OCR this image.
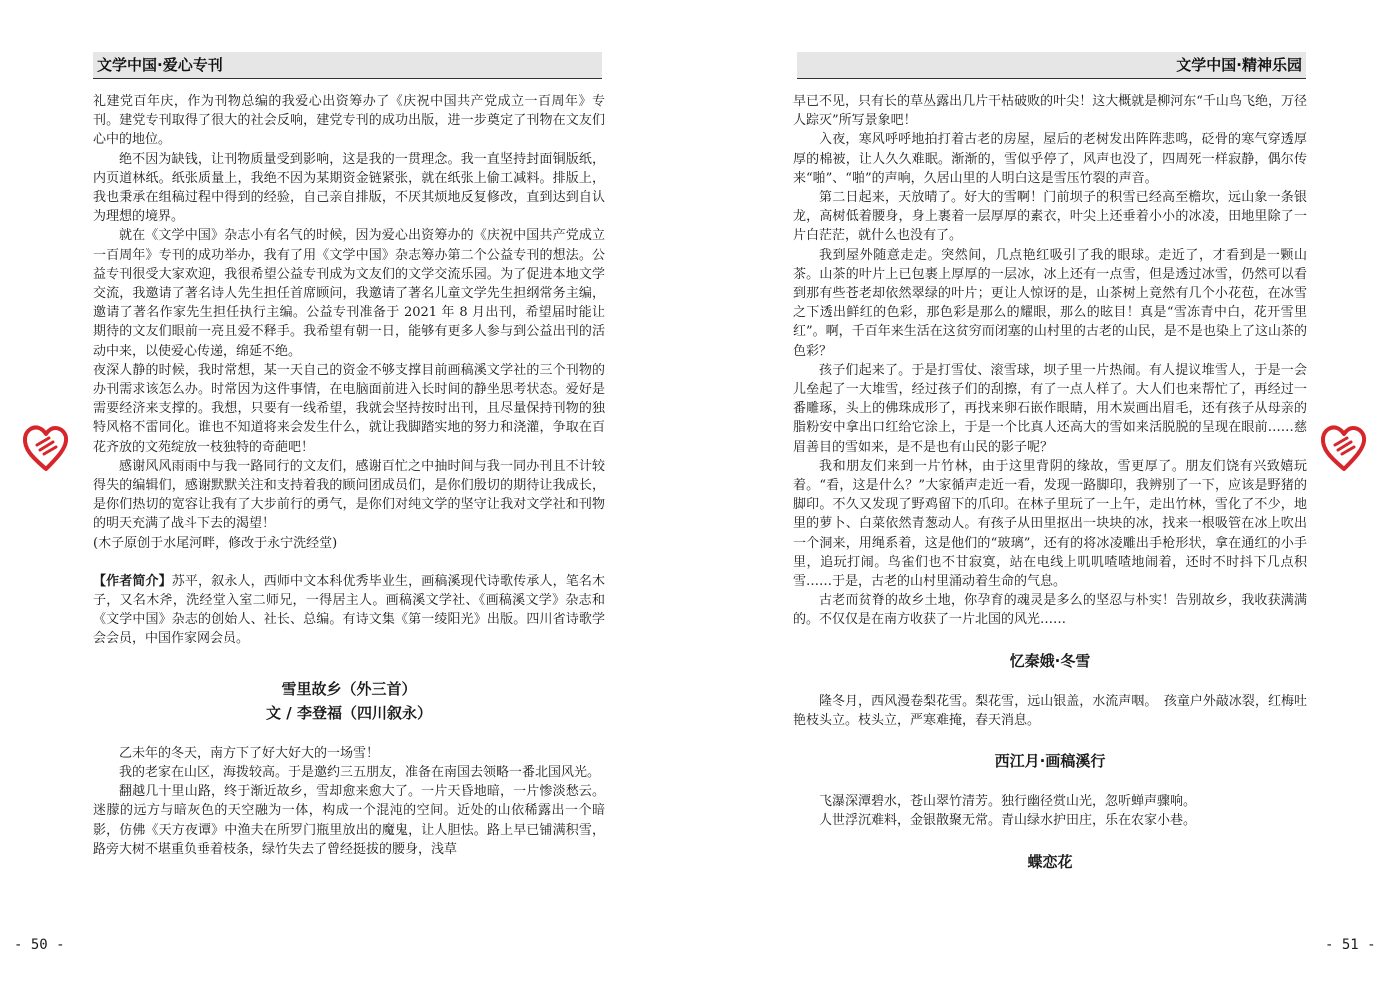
文学中国·爱心专刊

礼建党百年庆，作为刊物总编的我爱心出资筹办了《庆祝中国共产党成立一百周年》专刊。建党专刊取得了很大的社会反响，建党专刊的成功出版，进一步奠定了刊物在文友们心中的地位。

绝不因为缺钱，让刊物质量受到影响，这是我的一贯理念。我一直坚持封面铜版纸，内页道林纸。纸张质量上，我绝不因为某期资金链紧张，就在纸张上偷工减料。排版上，我也秉承在组稿过程中得到的经验，自己亲自排版，不厌其烦地反复修改，直到达到自认为理想的境界。

就在《文学中国》杂志小有名气的时候，因为爱心出资筹办的《庆祝中国共产党成立一百周年》专刊的成功举办，我有了用《文学中国》杂志筹办第二个公益专刊的想法。公益专刊很受大家欢迎，我很希望公益专刊成为文友们的文学交流乐园。为了促进本地文学交流，我邀请了著名诗人先生担任首席顾问，我邀请了著名儿童文学先生担纲常务主编，邀请了著名作家先生担任执行主编。公益专刊准备于 2021 年 8 月出刊，希望届时能让期待的文友们眼前一亮且爱不释手。我希望有朝一日，能够有更多人参与到公益出刊的活动中来，以使爱心传递，绵延不绝。

夜深人静的时候，我时常想，某一天自己的资金不够支撑目前画稿溪文学社的三个刊物的办刊需求该怎么办。时常因为这件事情，在电脑面前进入长时间的静坐思考状态。爱好是需要经济来支撑的。我想，只要有一线希望，我就会坚持按时出刊，且尽量保持刊物的独特风格不雷同化。谁也不知道将来会发生什么，就让我脚踏实地的努力和浇灌，争取在百花齐放的文苑绽放一枝独特的奇葩吧！

感谢风风雨雨中与我一路同行的文友们，感谢百忙之中抽时间与我一同办刊且不计较得失的编辑们，感谢默默关注和支持着我的顾问团成员们，是你们殷切的期待让我成长，是你们热切的宽容让我有了大步前行的勇气，是你们对纯文学的坚守让我对文学社和刊物的明天充满了战斗下去的渴望！

(木子原创于水尾河畔，修改于永宁洗经堂)

【作者简介】苏平，叙永人，西师中文本科优秀毕业生，画稿溪现代诗歌传承人，笔名木子，又名木斧，洗经堂入室二师兄，一得居主人。画稿溪文学社、《画稿溪文学》杂志和《文学中国》杂志的创始人、社长、总编。有诗文集《第一绫阳光》出版。四川省诗歌学会会员，中国作家网会员。

雪里故乡（外三首）

文 / 李登福（四川叙永）

乙未年的冬天，南方下了好大好大的一场雪！

我的老家在山区，海拨较高。于是邀约三五朋友，准备在南国去领略一番北国风光。

翻越几十里山路，终于渐近故乡，雪却愈来愈大了。一片天昏地暗，一片惨淡愁云。迷朦的远方与暗灰色的天空融为一体，构成一个混沌的空间。近处的山依稀露出一个暗影，仿佛《天方夜谭》中渔夫在所罗门瓶里放出的魔鬼，让人胆怯。路上早已铺满积雪，路旁大树不堪重负垂着枝条，绿竹失去了曾经挺拔的腰身，浅草

- 50 -
文学中国·精神乐园

早已不见，只有长的草丛露出几片干枯破败的叶尖！这大概就是柳河东“千山鸟飞绝，万径人踪灭”所写景象吧！

入夜，寒风呼呼地拍打着古老的房屋，屋后的老树发出阵阵悲鸣，砭骨的寒气穿透厚厚的棉被，让人久久难眠。渐渐的，雪似乎停了，风声也没了，四周死一样寂静，偶尔传来“啪”、“啪”的声响，久居山里的人明白这是雪压竹裂的声音。

第二日起来，天放晴了。好大的雪啊！门前坝子的积雪已经高至檐坎，远山象一条银龙，高树低着腰身，身上裹着一层厚厚的素衣，叶尖上还垂着小小的冰凌，田地里除了一片白茫茫，就什么也没有了。

我到屋外随意走走。突然间，几点艳红吸引了我的眼球。走近了，才看到是一颗山茶。山茶的叶片上已包裹上厚厚的一层冰，冰上还有一点雪，但是透过冰雪，仍然可以看到那有些苍老却依然翠绿的叶片；更让人惊讶的是，山茶树上竟然有几个小花苞，在冰雪之下透出鲜红的色彩，那色彩是那么的耀眼，那么的眩目！真是“雪冻青中白，花开雪里红”。啊，千百年来生活在这贫穷而闭塞的山村里的古老的山民，是不是也染上了这山茶的色彩？

孩子们起来了。于是打雪仗、滚雪球，坝子里一片热闹。有人提议堆雪人，于是一会儿垒起了一大堆雪，经过孩子们的刮擦，有了一点人样了。大人们也来帮忙了，再经过一番雕琢，头上的佛珠成形了，再找来卵石嵌作眼睛，用木炭画出眉毛，还有孩子从母亲的脂粉安中拿出口红给它涂上，于是一个比真人还高大的雪如来活脱脱的呈现在眼前……慈眉善目的雪如来，是不是也有山民的影子呢？

我和朋友们来到一片竹林，由于这里背阴的缘故，雪更厚了。朋友们饶有兴致嬉玩着。“看，这是什么？”大家循声走近一看，发现一路脚印，我辨别了一下，应该是野猪的脚印。不久又发现了野鸡留下的爪印。在林子里玩了一上午，走出竹林，雪化了不少，地里的萝卜、白菜依然青葱动人。有孩子从田里抠出一块块的冰，找来一根吸管在冰上吹出一个洞来，用绳系着，这是他们的“玻璃”，还有的将冰凌雕出手枪形状，拿在通红的小手里，追玩打闹。鸟雀们也不甘寂寞，站在电线上叽叽喳喳地闹着，还时不时抖下几点积雪……于是，古老的山村里涌动着生命的气息。

古老而贫脊的故乡土地，你孕育的魂灵是多么的坚忍与朴实！告别故乡，我收获满满的。不仅仅是在南方收获了一片北国的风光……

忆秦娥·冬雪

隆冬月，西风漫卷梨花雪。梨花雪，远山银盖，水流声咽。　孩童户外敲冰裂，红梅吐艳枝头立。枝头立，严寒难掩，春天消息。

西江月·画稿溪行

飞瀑深潭碧水，苍山翠竹清芳。独行幽径赏山光，忽听蝉声骤响。

人世浮沉难料，金银散聚无常。青山绿水护田庄，乐在农家小巷。

蝶恋花

- 51 -
